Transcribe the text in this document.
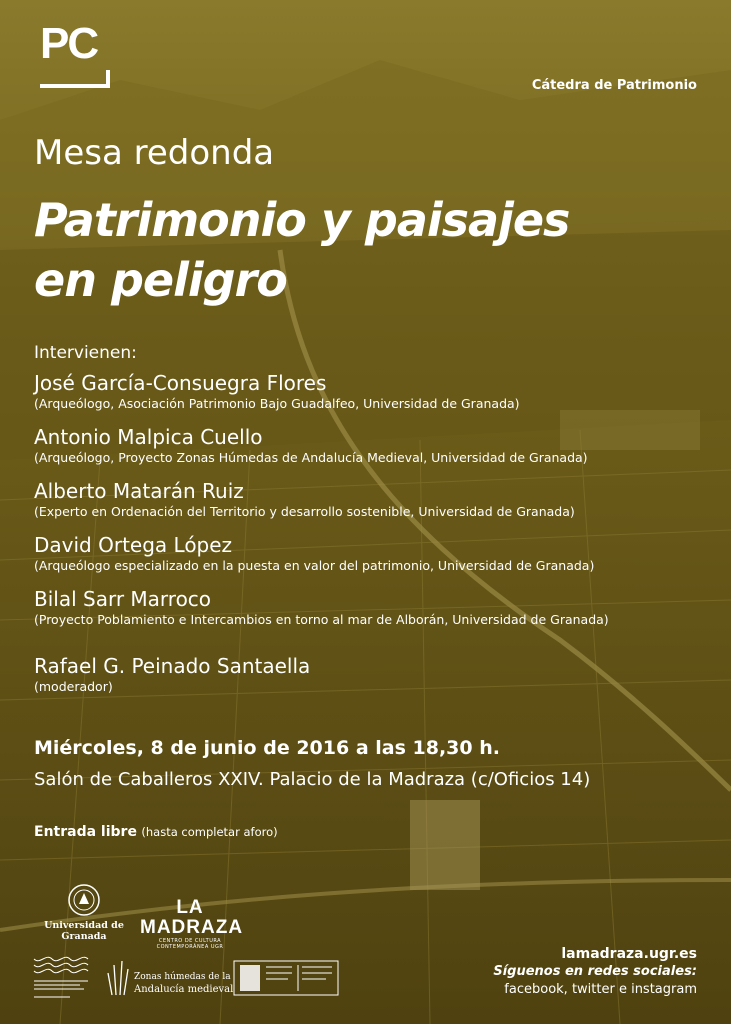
PC
Cátedra de Patrimonio
Mesa redonda
Patrimonio y paisajes
en peligro
Intervienen:
José García-Consuegra Flores
(Arqueólogo, Asociación Patrimonio Bajo Guadalfeo, Universidad de Granada)
Antonio Malpica Cuello
(Arqueólogo, Proyecto Zonas Húmedas de Andalucía Medieval, Universidad de Granada)
Alberto Matarán Ruiz
(Experto en Ordenación del Territorio y desarrollo sostenible, Universidad de Granada)
David Ortega López
(Arqueólogo especializado en la puesta en valor del patrimonio, Universidad de Granada)
Bilal Sarr Marroco
(Proyecto Poblamiento e Intercambios en torno al mar de Alborán, Universidad de Granada)
Rafael G. Peinado Santaella
(moderador)
Miércoles, 8 de junio de 2016 a las 18,30 h.
Salón de Caballeros XXIV. Palacio de la Madraza (c/Oficios 14)
Entrada libre (hasta completar aforo)
Universidad de Granada
LA MADRAZA
CENTRO DE CULTURA CONTEMPORÁNEA UGR
Zonas húmedas de la
Andalucía medieval
lamadraza.ugr.es
Síguenos en redes sociales:
facebook, twitter e instagram
